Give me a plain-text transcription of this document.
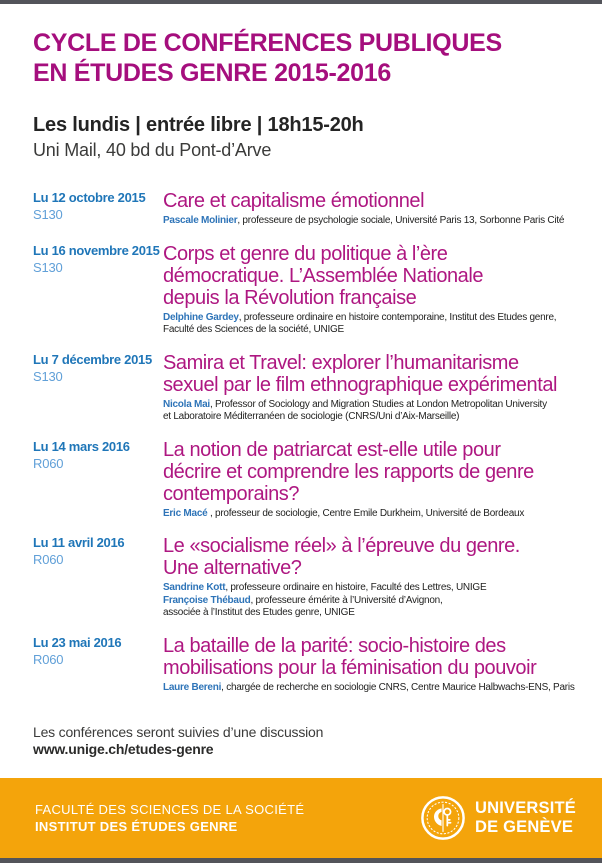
CYCLE DE CONFÉRENCES PUBLIQUES
EN ÉTUDES GENRE 2015-2016
Les lundis | entrée libre | 18h15-20h
Uni Mail, 40 bd du Pont-d’Arve
Lu 12 octobre 2015
S130
Care et capitalisme émotionnel
Pascale Molinier, professeure de psychologie sociale, Université Paris 13, Sorbonne Paris Cité
Lu 16 novembre 2015
S130
Corps et genre du politique à l’ère
démocratique. L’Assemblée Nationale
depuis la Révolution française
Delphine Gardey, professeure ordinaire en histoire contemporaine, Institut des Etudes genre,
Faculté des Sciences de la société, UNIGE
Lu 7 décembre 2015
S130
Samira et Travel: explorer l’humanitarisme
sexuel par le film ethnographique expérimental
Nicola Mai, Professor of Sociology and Migration Studies at London Metropolitan University
et Laboratoire Méditerranéen de sociologie (CNRS/Uni d’Aix-Marseille)
Lu 14 mars 2016
R060
La notion de patriarcat est-elle utile pour
décrire et comprendre les rapports de genre
contemporains?
Eric Macé , professeur de sociologie, Centre Emile Durkheim, Université de Bordeaux
Lu 11 avril 2016
R060
Le «socialisme réel» à l’épreuve du genre.
Une alternative?
Sandrine Kott, professeure ordinaire en histoire, Faculté des Lettres, UNIGE
Françoise Thébaud, professeure émérite à l’Université d’Avignon,
associée à l’Institut des Etudes genre, UNIGE
Lu 23 mai 2016
R060
La bataille de la parité: socio-histoire des
mobilisations pour la féminisation du pouvoir
Laure Bereni, chargée de recherche en sociologie CNRS, Centre Maurice Halbwachs-ENS, Paris
Les conférences seront suivies d’une discussion
www.unige.ch/etudes-genre
FACULTÉ DES SCIENCES DE LA SOCIÉTÉ
INSTITUT DES ÉTUDES GENRE
UNIVERSITÉ
DE GENÈVE
